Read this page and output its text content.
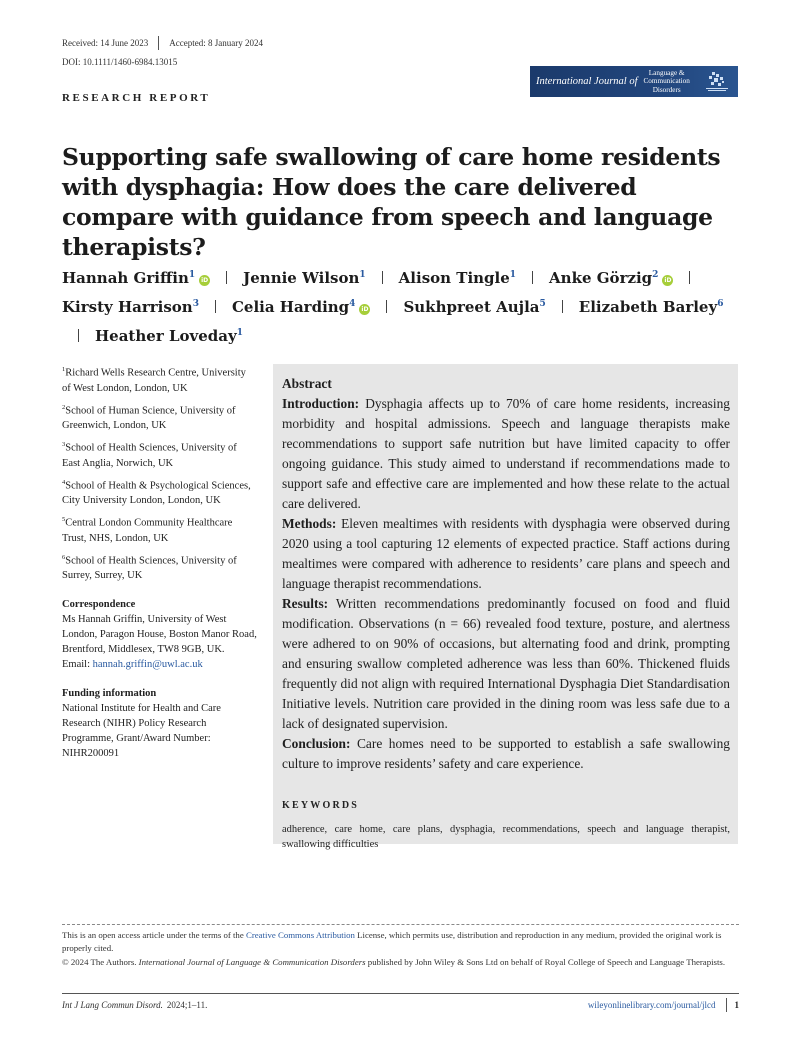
Received: 14 June 2023 Accepted: 8 January 2024
DOI: 10.1111/1460-6984.13015
RESEARCH REPORT
International Journal of
Language &
Communication
Disorders
Supporting safe swallowing of care home residents with dysphagia: How does the care delivered compare with guidance from speech and language therapists?
Hannah Griffin$^1$iD Jennie Wilson$^1$ Alison Tingle$^1$ Anke Görzig$^2$iDKirsty Harrison$^3$ Celia Harding$^4$iD Sukhpreet Aujla$^5$ Elizabeth Barley$^6$Heather Loveday$^1$
$^1$Richard Wells Research Centre, University of West London, London, UK
$^2$School of Human Science, University of Greenwich, London, UK
$^3$School of Health Sciences, University of East Anglia, Norwich, UK
$^4$School of Health & Psychological Sciences, City University London, London, UK
$^5$Central London Community Healthcare Trust, NHS, London, UK
$^6$School of Health Sciences, University of Surrey, Surrey, UK
Correspondence
Ms Hannah Griffin, University of West London, Paragon House, Boston Manor Road, Brentford, Middlesex, TW8 9GB, UK.
Email: hannah.griffin@uwl.ac.uk
Funding information
National Institute for Health and Care Research (NIHR) Policy Research Programme, Grant/Award Number: NIHR200091

Abstract

Introduction: Dysphagia affects up to 70% of care home residents, increasing morbidity and hospital admissions. Speech and language therapists make recommendations to support safe nutrition but have limited capacity to offer ongoing guidance. This study aimed to understand if recommendations made to support safe and effective care are implemented and how these relate to the actual care delivered.

Methods: Eleven mealtimes with residents with dysphagia were observed during 2020 using a tool capturing 12 elements of expected practice. Staff actions during mealtimes were compared with adherence to residents’ care plans and speech and language therapist recommendations.

Results: Written recommendations predominantly focused on food and fluid modification. Observations (n = 66) revealed food texture, posture, and alertness were adhered to on 90% of occasions, but alternating food and drink, prompting and ensuring swallow completed adherence was less than 60%. Thickened fluids frequently did not align with required International Dysphagia Diet Standardisation Initiative levels. Nutrition care provided in the dining room was less safe due to a lack of designated supervision.

Conclusion: Care homes need to be supported to establish a safe swallowing culture to improve residents’ safety and care experience.

KEYWORDS
adherence, care home, care plans, dysphagia, recommendations, speech and language therapist, swallowing difficulties

This is an open access article under the terms of the Creative Commons Attribution License, which permits use, distribution and reproduction in any medium, provided the original work is properly cited.

© 2024 The Authors. International Journal of Language & Communication Disorders published by John Wiley & Sons Ltd on behalf of Royal College of Speech and Language Therapists.

Int J Lang Commun Disord. 2024;1–11.	wileyonlinelibrary.com/journal/jlcd 1
